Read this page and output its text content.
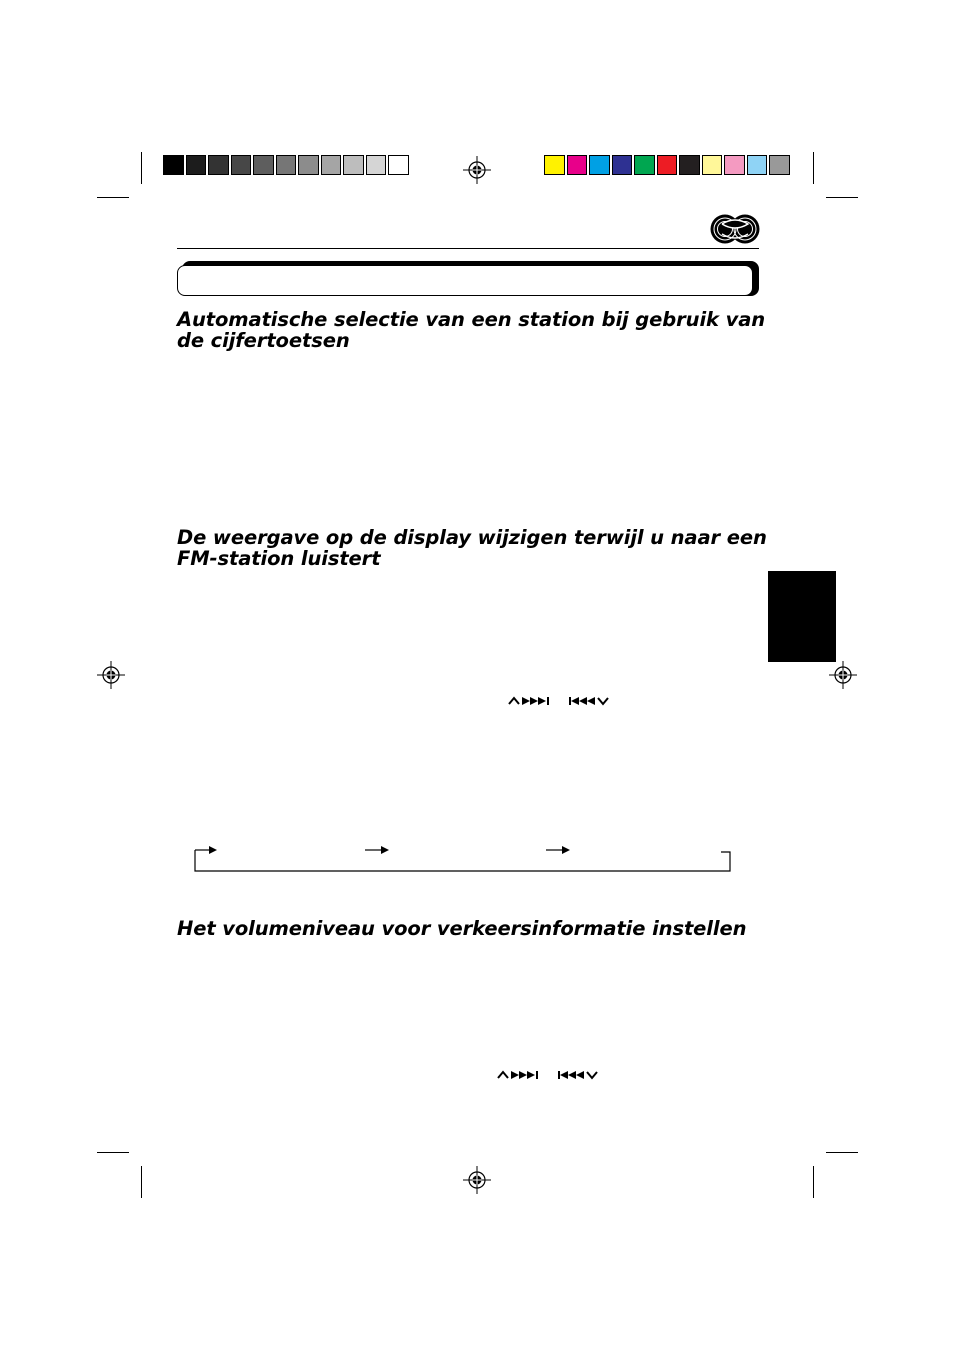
Automatische selectie van een station bij gebruik van de cijfertoetsen
De weergave op de display wijzigen terwijl u naar een FM-station luistert
Het volumeniveau voor verkeersinformatie instellen
